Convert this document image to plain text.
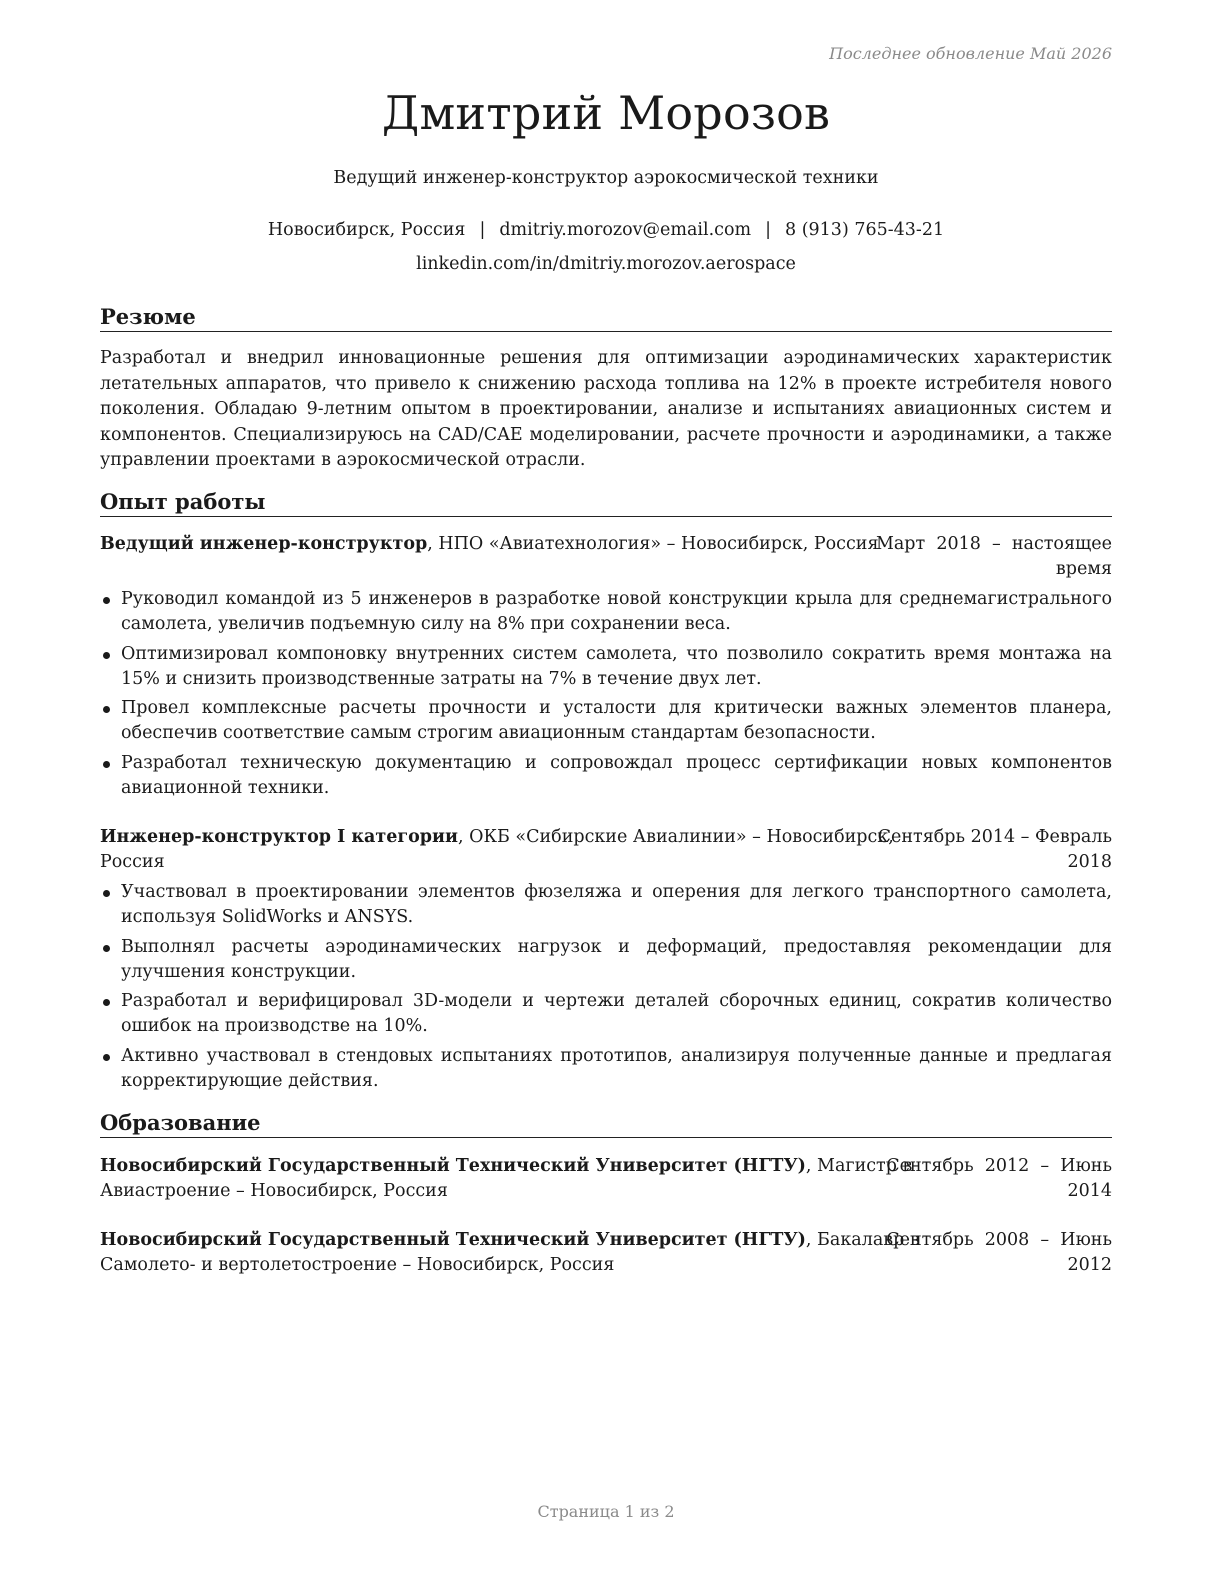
Последнее обновление Май 2026
Дмитрий Морозов
Ведущий инженер-конструктор аэрокосмической техники
Новосибирск, Россия | dmitriy.morozov@email.com | 8 (913) 765-43-21
linkedin.com/in/dmitriy.morozov.aerospace
Резюме
Разработал и внедрил инновационные решения для оптимизации аэродинамических характеристик летательных аппаратов, что привело к снижению расхода топлива на 12% в проекте истребителя нового поколения. Обладаю 9-летним опытом в проектировании, анализе и испытаниях авиационных систем и компонентов. Специализируюсь на CAD/CAE моделировании, расчете прочности и аэродинамики, а также управлении проектами в аэрокосмической отрасли.
Опыт работы
Ведущий инженер-конструктор, НПО «Авиатехнология» – Новосибирск, Россия
Март  2018  –  настоящее
время
Руководил командой из 5 инженеров в разработке новой конструкции крыла для среднемагистрального самолета, увеличив подъемную силу на 8% при сохранении веса.
Оптимизировал компоновку внутренних систем самолета, что позволило сократить время монтажа на 15% и снизить производственные затраты на 7% в течение двух лет.
Провел комплексные расчеты прочности и усталости для критически важных элементов планера, обеспечив соответствие самым строгим авиационным стандартам безопасности.
Разработал техническую документацию и сопровождал процесс сертификации новых компонентов авиационной техники.
Инженер-конструктор I категории, ОКБ «Сибирские Авиалинии» – Новосибирск,
Россия
Сентябрь 2014 – Февраль
2018
Участвовал в проектировании элементов фюзеляжа и оперения для легкого транспортного самолета, используя SolidWorks и ANSYS.
Выполнял расчеты аэродинамических нагрузок и деформаций, предоставляя рекомендации для улучшения конструкции.
Разработал и верифицировал 3D-модели и чертежи деталей сборочных единиц, сократив количество ошибок на производстве на 10%.
Активно участвовал в стендовых испытаниях прототипов, анализируя полученные данные и предлагая корректирующие действия.
Образование
Новосибирский Государственный Технический Университет (НГТУ), Магистр в
Авиастроение – Новосибирск, Россия
Сентябрь  2012  –  Июнь
2014
Новосибирский Государственный Технический Университет (НГТУ), Бакалавр в
Самолето- и вертолетостроение – Новосибирск, Россия
Сентябрь  2008  –  Июнь
2012
Страница 1 из 2
